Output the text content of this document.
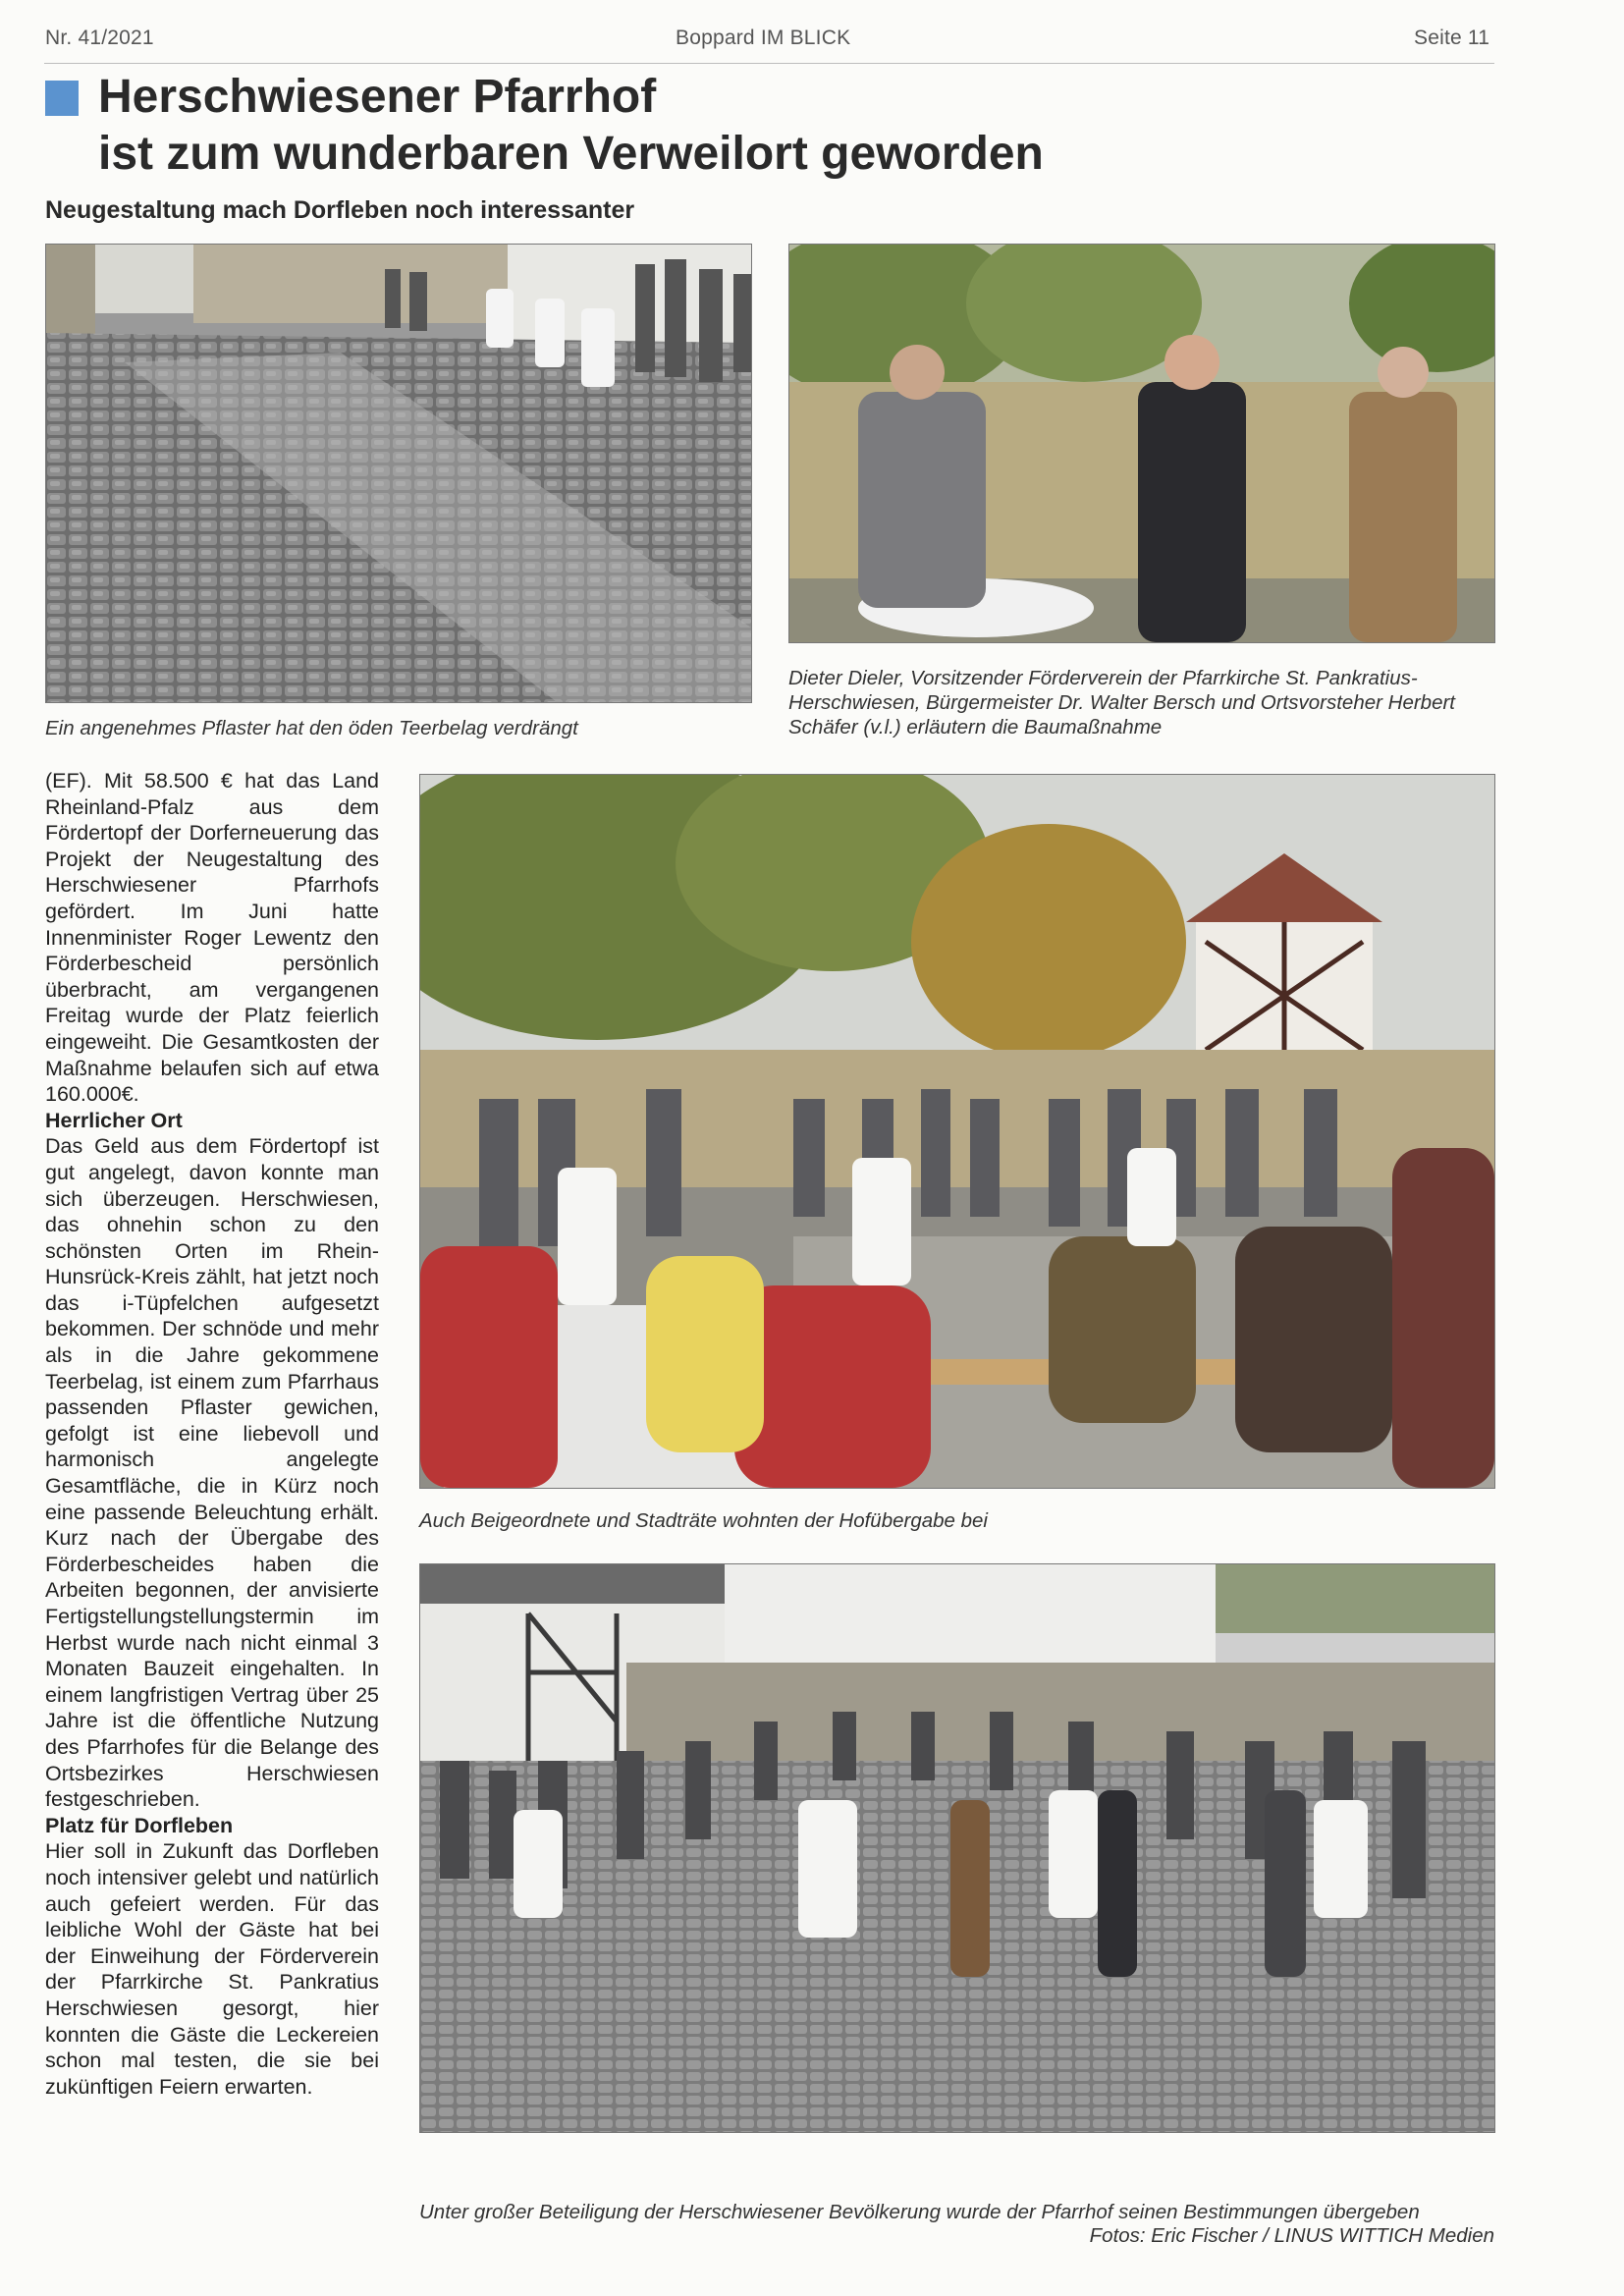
Nr. 41/2021	Boppard IM BLICK	Seite 11
Herschwiesener Pfarrhof
ist zum wunderbaren Verweilort geworden
Neugestaltung mach Dorfleben noch interessanter
Dieter Dieler, Vorsitzender Förderverein der Pfarrkirche St. Pankratius-Herschwiesen, Bürgermeister Dr. Walter Bersch und Ortsvorsteher Herbert Schäfer (v.l.) erläutern die Baumaßnahme
Ein angenehmes Pflaster hat den öden Teerbelag verdrängt

(EF). Mit 58.500 € hat das Land Rheinland-Pfalz aus dem Fördertopf der Dorferneuerung das Projekt der Neugestaltung des Herschwiesener Pfarrhofs gefördert. Im Juni hatte Innenminister Roger Lewentz den Förderbescheid persönlich überbracht, am vergangenen Freitag wurde der Platz feierlich eingeweiht. Die Gesamtkosten der Maßnahme belaufen sich auf etwa 160.000€.

Herrlicher Ort

Das Geld aus dem Fördertopf ist gut angelegt, davon konnte man sich überzeugen. Herschwiesen, das ohnehin schon zu den schönsten Orten im Rhein-Hunsrück-Kreis zählt, hat jetzt noch das i-Tüpfelchen aufgesetzt bekommen. Der schnöde und mehr als in die Jahre gekommene Teerbelag, ist einem zum Pfarrhaus passenden Pflaster gewichen, gefolgt ist eine liebevoll und harmonisch angelegte Gesamtfläche, die in Kürz noch eine passende Beleuchtung erhält. Kurz nach der Übergabe des Förderbescheides haben die Arbeiten begonnen, der anvisierte Fertigstellungstellungstermin im Herbst wurde nach nicht einmal 3 Monaten Bauzeit eingehalten. In einem langfristigen Vertrag über 25 Jahre ist die öffentliche Nutzung des Pfarrhofes für die Belange des Ortsbezirkes Herschwiesen festgeschrieben.

Platz für Dorfleben

Hier soll in Zukunft das Dorfleben noch intensiver gelebt und natürlich auch gefeiert werden. Für das leibliche Wohl der Gäste hat bei der Einweihung der Förderverein der Pfarrkirche St. Pankratius Herschwiesen gesorgt, hier konnten die Gäste die Leckereien schon mal testen, die sie bei zukünftigen Feiern erwarten.

Auch Beigeordnete und Stadträte wohnten der Hofübergabe bei
Unter großer Beteiligung der Herschwiesener Bevölkerung wurde der Pfarrhof seinen Bestimmungen übergeben
Fotos: Eric Fischer / LINUS WITTICH Medien
